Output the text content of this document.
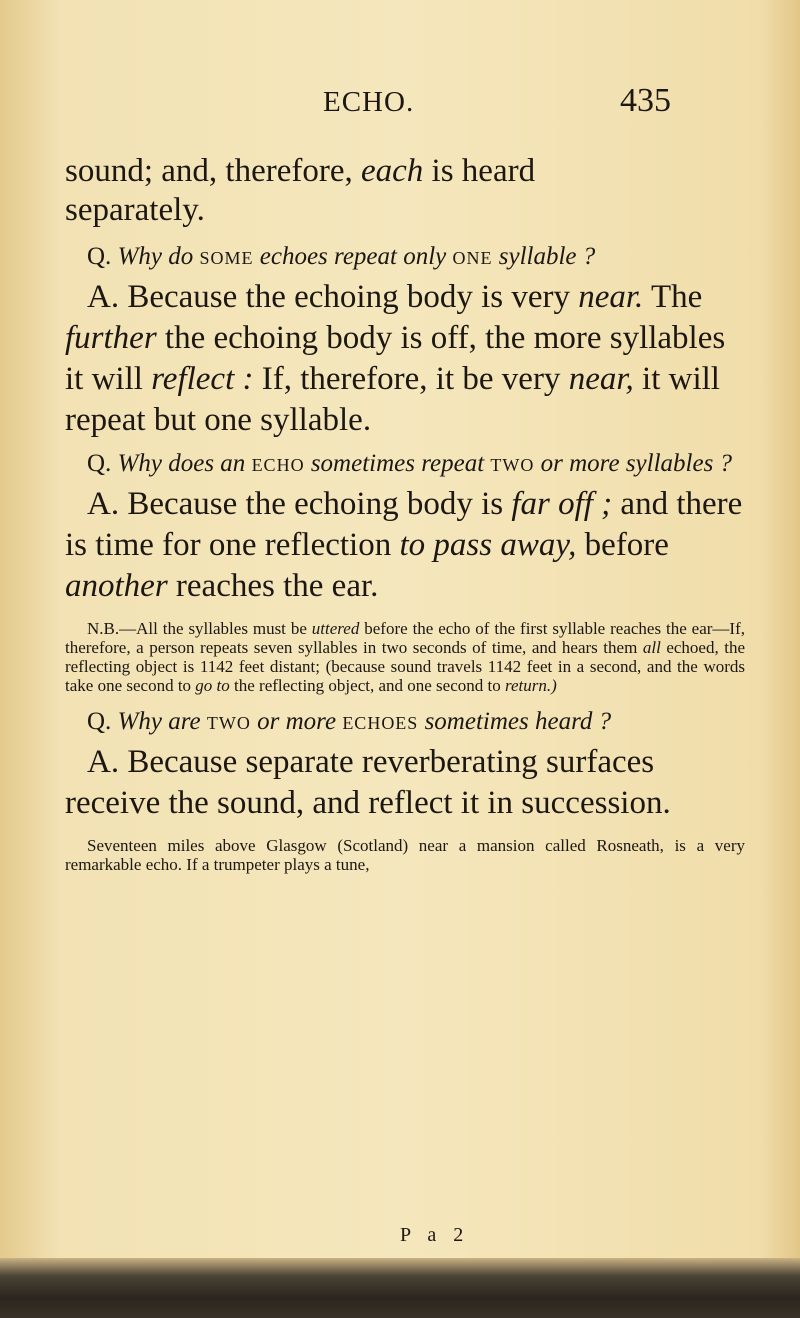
ECHO.	435

sound; and, therefore, each is heard
separately.

Q. Why do some echoes repeat only one syllable ?

A. Because the echoing body is very near. The further the echoing body is off, the more syllables it will reflect : If, therefore, it be very near, it will repeat but one syllable.

Q. Why does an echo sometimes repeat two or more syllables ?

A. Because the echoing body is far off ; and there is time for one reflection to pass away, before another reaches the ear.

N.B.—All the syllables must be uttered before the echo of the first syllable reaches the ear—If, therefore, a person repeats seven syllables in two seconds of time, and hears them all echoed, the reflecting object is 1142 feet distant; (because sound travels 1142 feet in a second, and the words take one second to go to the reflecting object, and one second to return.)

Q. Why are two or more echoes sometimes heard ?

A. Because separate reverberating surfaces receive the sound, and reflect it in succession.

Seventeen miles above Glasgow (Scotland) near a mansion called Rosneath, is a very remarkable echo. If a trumpeter plays a tune,

P a 2
